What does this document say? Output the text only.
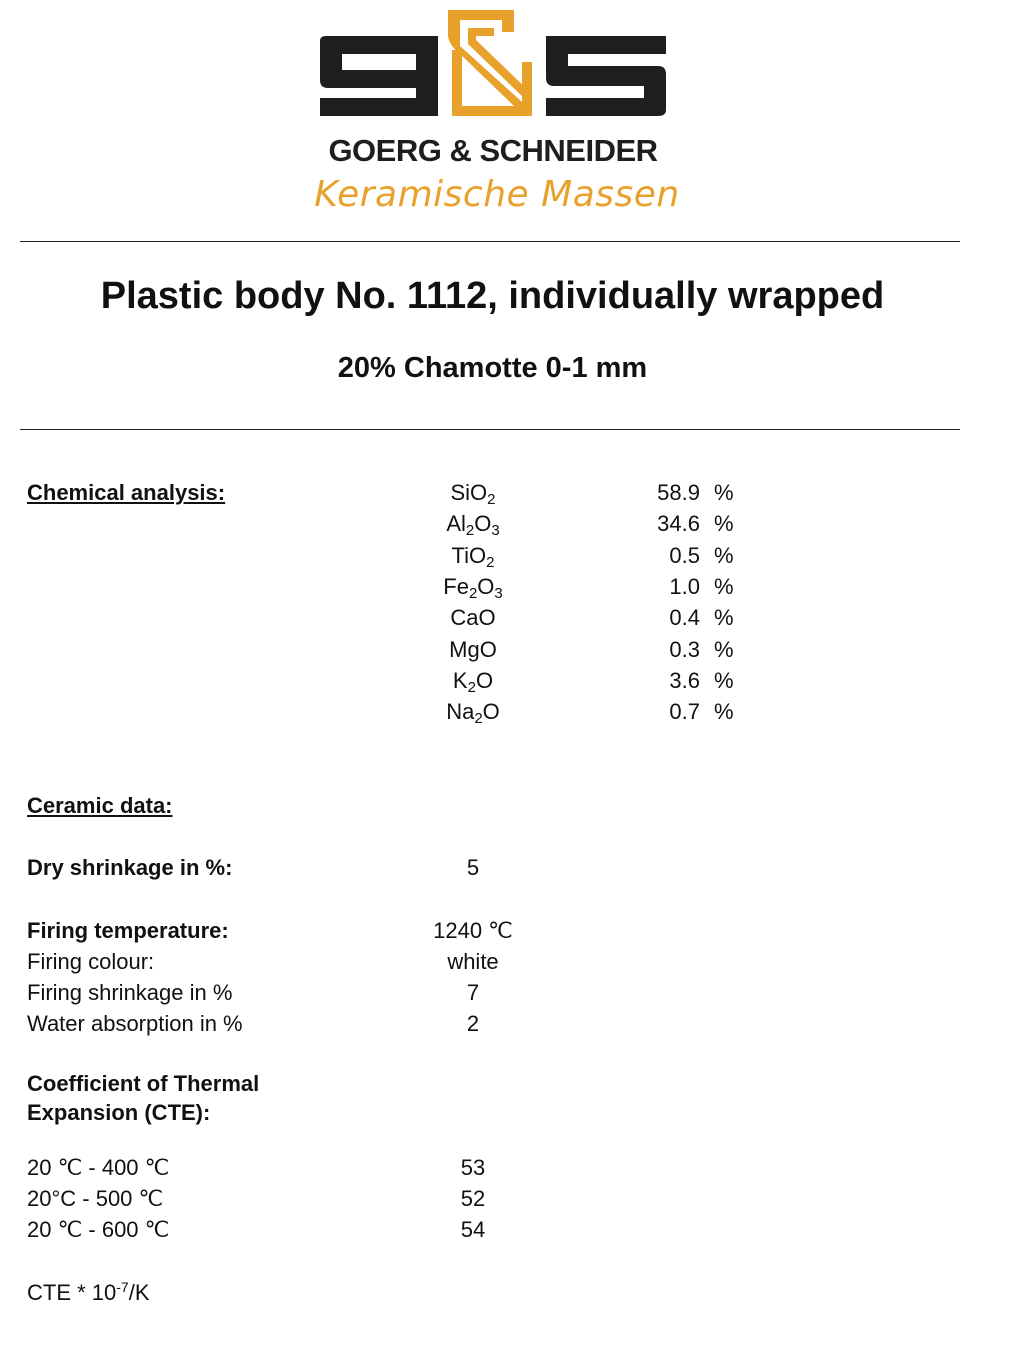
GOERG & SCHNEIDER
Keramische Massen
Plastic body No. 1112, individually wrapped
20% Chamotte 0-1 mm
Chemical analysis:	SiO$_2$	58.9 %
$Al_2O_3$	34.6 %
TiO$_2$	0.5 %
$Fe_2O_3$	1.0 %
CaO	0.4 %
MgO	0.3 %
$K_2O$	3.6 %
$Na_2O$	0.7 %
Ceramic data:
Dry shrinkage in %:	5
Firing temperature:	1240 ℃
Firing colour:	white
Firing shrinkage in %	7
Water absorption in %	2
Coefficient of Thermal
Expansion (CTE):
20 ℃ - 400 ℃	53
20°C - 500 ℃	52
20 ℃ - 600 ℃	54
CTE * $10^{-7}/K$
